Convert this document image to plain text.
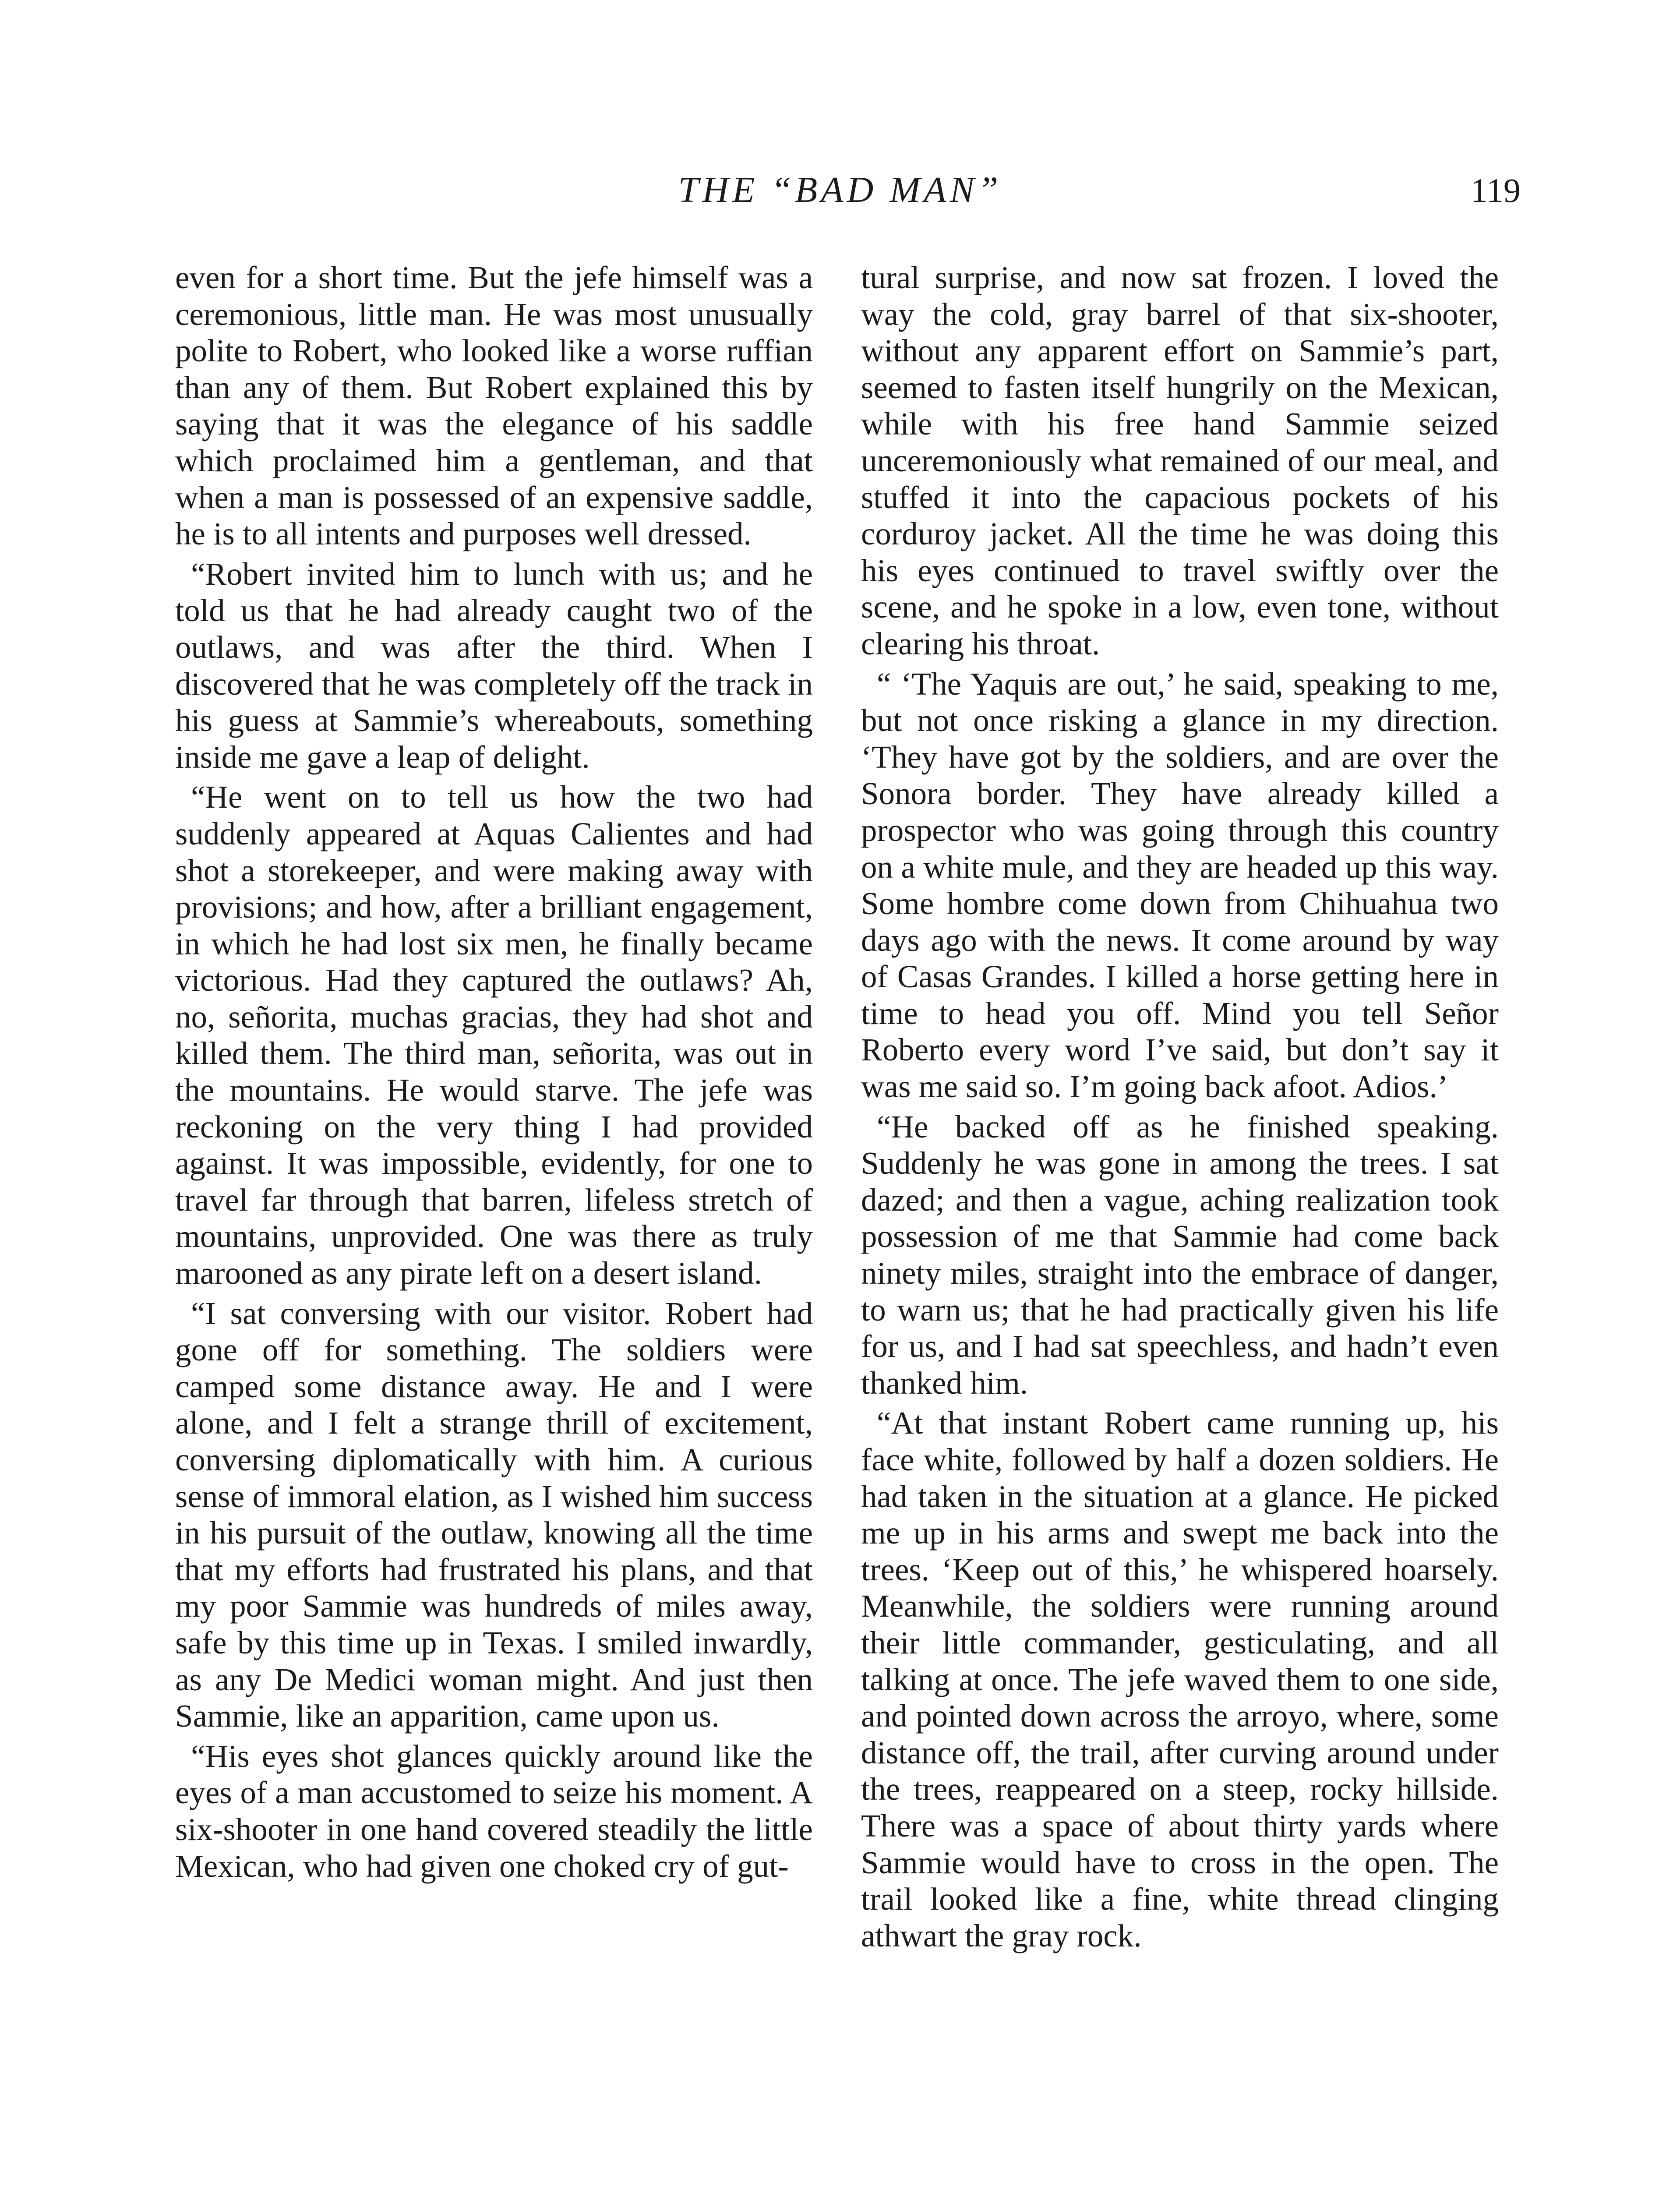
THE “BAD MAN”	119

even for a short time. But the jefe himself was a ceremonious, little man. He was most unusually polite to Robert, who looked like a worse ruffian than any of them. But Robert explained this by saying that it was the elegance of his saddle which proclaimed him a gentleman, and that when a man is possessed of an expensive saddle, he is to all intents and purposes well dressed.

“Robert invited him to lunch with us; and he told us that he had already caught two of the outlaws, and was after the third. When I discovered that he was completely off the track in his guess at Sammie’s whereabouts, something inside me gave a leap of delight.

“He went on to tell us how the two had suddenly appeared at Aquas Calientes and had shot a storekeeper, and were making away with provisions; and how, after a brilliant engagement, in which he had lost six men, he finally became victorious. Had they captured the outlaws? Ah, no, señorita, muchas gracias, they had shot and killed them. The third man, señorita, was out in the mountains. He would starve. The jefe was reckoning on the very thing I had provided against. It was impossible, evidently, for one to travel far through that barren, lifeless stretch of mountains, unprovided. One was there as truly marooned as any pirate left on a desert island.

“I sat conversing with our visitor. Robert had gone off for something. The soldiers were camped some distance away. He and I were alone, and I felt a strange thrill of excitement, conversing diplomatically with him. A curious sense of immoral elation, as I wished him success in his pursuit of the outlaw, knowing all the time that my efforts had frustrated his plans, and that my poor Sammie was hundreds of miles away, safe by this time up in Texas. I smiled inwardly, as any De Medici woman might. And just then Sammie, like an apparition, came upon us.

“His eyes shot glances quickly around like the eyes of a man accustomed to seize his moment. A six-shooter in one hand covered steadily the little Mexican, who had given one choked cry of gut-

tural surprise, and now sat frozen. I loved the way the cold, gray barrel of that six-shooter, without any apparent effort on Sammie’s part, seemed to fasten itself hungrily on the Mexican, while with his free hand Sammie seized unceremoniously what remained of our meal, and stuffed it into the capacious pockets of his corduroy jacket. All the time he was doing this his eyes continued to travel swiftly over the scene, and he spoke in a low, even tone, without clearing his throat.

“ ‘The Yaquis are out,’ he said, speaking to me, but not once risking a glance in my direction. ‘They have got by the soldiers, and are over the Sonora border. They have already killed a prospector who was going through this country on a white mule, and they are headed up this way. Some hombre come down from Chihuahua two days ago with the news. It come around by way of Casas Grandes. I killed a horse getting here in time to head you off. Mind you tell Señor Roberto every word I’ve said, but don’t say it was me said so. I’m going back afoot. Adios.’

“He backed off as he finished speaking. Suddenly he was gone in among the trees. I sat dazed; and then a vague, aching realization took possession of me that Sammie had come back ninety miles, straight into the embrace of danger, to warn us; that he had practically given his life for us, and I had sat speechless, and hadn’t even thanked him.

“At that instant Robert came running up, his face white, followed by half a dozen soldiers. He had taken in the situation at a glance. He picked me up in his arms and swept me back into the trees. ‘Keep out of this,’ he whispered hoarsely. Meanwhile, the soldiers were running around their little commander, gesticulating, and all talking at once. The jefe waved them to one side, and pointed down across the arroyo, where, some distance off, the trail, after curving around under the trees, reappeared on a steep, rocky hillside. There was a space of about thirty yards where Sammie would have to cross in the open. The trail looked like a fine, white thread clinging athwart the gray rock.
